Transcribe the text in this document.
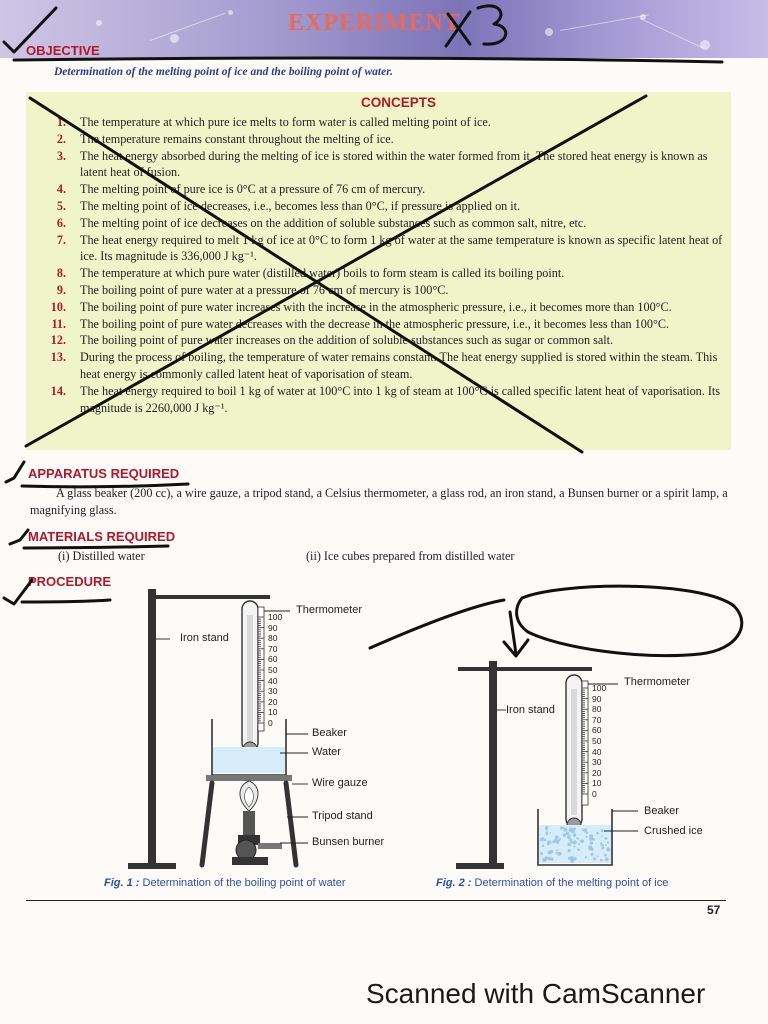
EXPERIMENT
OBJECTIVE
Determination of the melting point of ice and the boiling point of water.
CONCEPTS
1. The temperature at which pure ice melts to form water is called melting point of ice.
2. The temperature remains constant throughout the melting of ice.
3. The heat energy absorbed during the melting of ice is stored within the water formed from it. The stored heat energy is known as latent heat of fusion.
4. The melting point of pure ice is 0°C at a pressure of 76 cm of mercury.
5. The melting point of ice decreases, i.e., becomes less than 0°C, if pressure is applied on it.
6. The melting point of ice decreases on the addition of soluble substances such as common salt, nitre, etc.
7. The heat energy required to melt 1 kg of ice at 0°C to form 1 kg of water at the same temperature is known as specific latent heat of ice. Its magnitude is 336,000 J kg⁻¹.
8. The temperature at which pure water (distilled water) boils to form steam is called its boiling point.
9. The boiling point of pure water at a pressure of 76 cm of mercury is 100°C.
10. The boiling point of pure water increases with the increase in the atmospheric pressure, i.e., it becomes more than 100°C.
11. The boiling point of pure water decreases with the decrease in the atmospheric pressure, i.e., it becomes less than 100°C.
12. The boiling point of pure water increases on the addition of soluble substances such as sugar or common salt.
13. During the process of boiling, the temperature of water remains constant. The heat energy supplied is stored within the steam. This heat energy is commonly called latent heat of vaporisation of steam.
14. The heat energy required to boil 1 kg of water at 100°C into 1 kg of steam at 100°C is called specific latent heat of vaporisation. Its magnitude is 2260,000 J kg⁻¹.
APPARATUS REQUIRED
A glass beaker (200 cc), a wire gauze, a tripod stand, a Celsius thermometer, a glass rod, an iron stand, a Bunsen burner or a spirit lamp, a magnifying glass.
MATERIALS REQUIRED
(i) Distilled water	(ii) Ice cubes prepared from distilled water
PROCEDURE
Thermometer
Iron stand
Beaker
Water
Wire gauze
Tripod stand
Bunsen burner
100
90
80
70
60
50
40
30
20
10
0
Fig. 1 : Determination of the boiling point of water
Thermometer
Iron stand
Beaker
Crushed ice
100
90
80
70
60
50
40
30
20
10
0
Fig. 2 : Determination of the melting point of ice
57
Scanned with CamScanner
